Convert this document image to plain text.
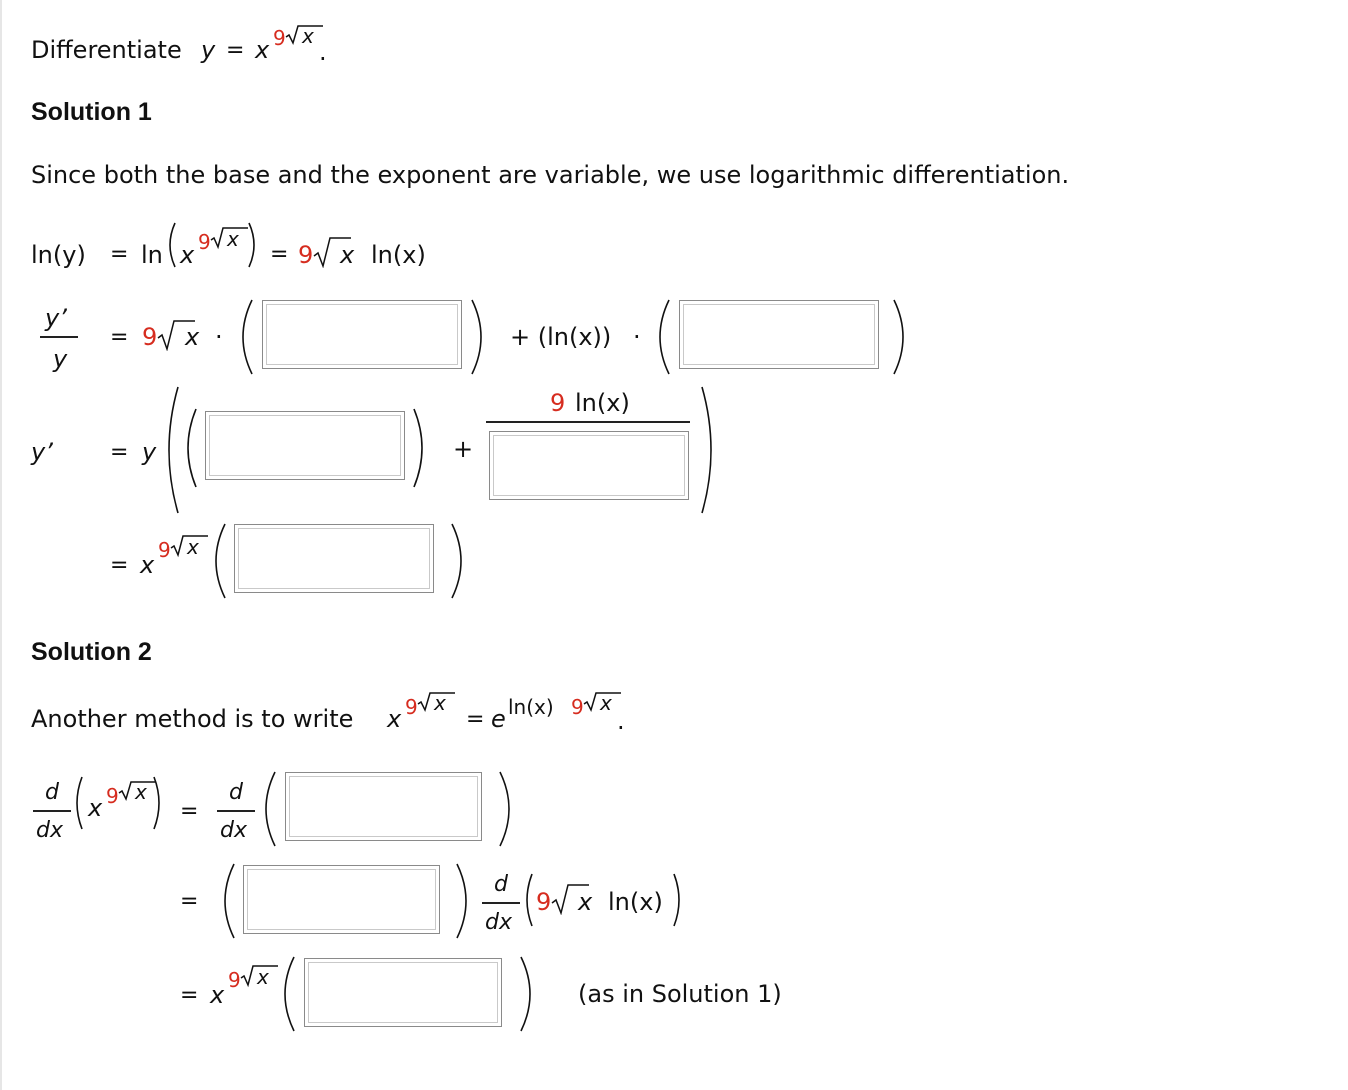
Differentiate y = x 9 x
.
Solution 1
Since both the base and the exponent are variable, we use logarithmic differentiation.
ln(y) = ln x 9 x
= 9 x ln(x)
y’
y
= 9 x ·	+ (ln(x)) ·
y’	= y	+
9 ln(x)
= x
9 x
Solution 2
Another method is to write x 9 x
= e ln(x) 9 x
.
d
dx
x 9 x
=
d
dx
=
d
dx
9 x ln(x)
= x
9 x
(as in Solution 1)
